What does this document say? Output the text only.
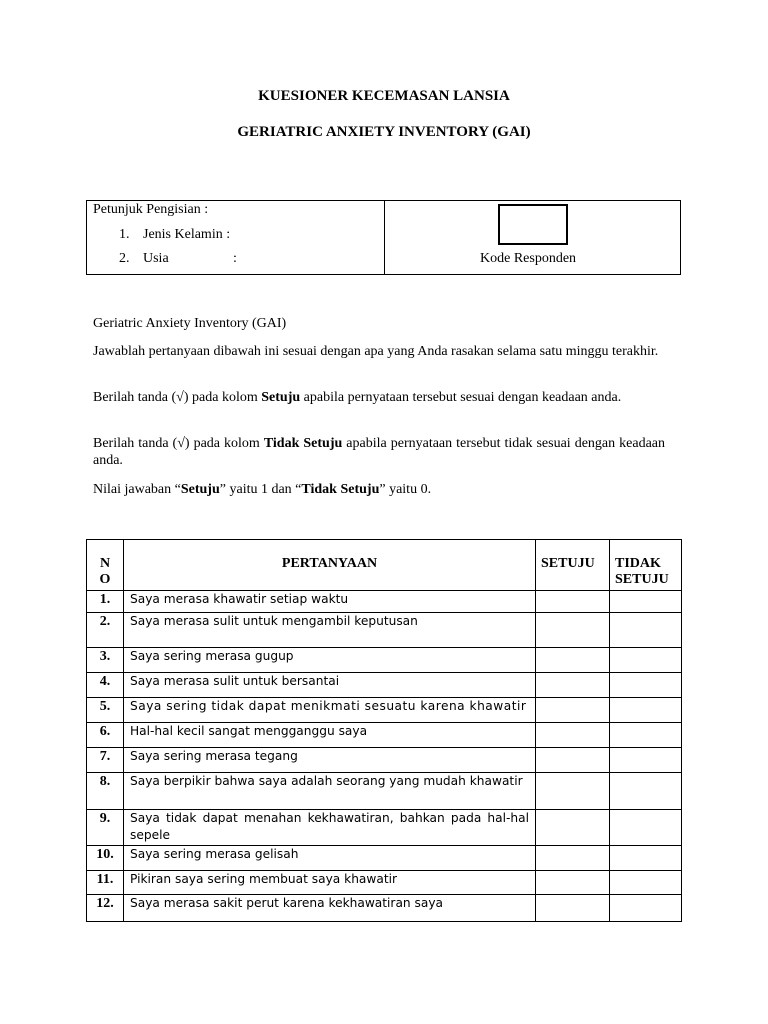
KUESIONER KECEMASAN LANSIA
GERIATRIC ANXIETY INVENTORY (GAI)
Petunjuk Pengisian :
1. Jenis Kelamin :
2. Usia	:	Kode Responden
Geriatric Anxiety Inventory (GAI)
Jawablah pertanyaan dibawah ini sesuai dengan apa yang Anda rasakan selama satu minggu terakhir.
Berilah tanda (√) pada kolom Setuju apabila pernyataan tersebut sesuai dengan keadaan anda.
Berilah tanda (√) pada kolom Tidak Setuju apabila pernyataan tersebut tidak sesuai dengan keadaan anda.
Nilai jawaban “Setuju” yaitu 1 dan “Tidak Setuju” yaitu 0.
N
O	PERTANYAAN	SETUJU	TIDAK
SETUJU
1.	Saya merasa khawatir setiap waktu		
2.	Saya merasa sulit untuk mengambil keputusan		
3.	Saya sering merasa gugup		
4.	Saya merasa sulit untuk bersantai		
5.	Saya sering tidak dapat menikmati sesuatu karena khawatir		
6.	Hal-hal kecil sangat mengganggu saya		
7.	Saya sering merasa tegang		
8.	Saya berpikir bahwa saya adalah seorang yang mudah khawatir		
9.	Saya tidak dapat menahan kekhawatiran, bahkan pada hal-hal sepele		
10.	Saya sering merasa gelisah		
11.	Pikiran saya sering membuat saya khawatir		
12.	Saya merasa sakit perut karena kekhawatiran saya		
